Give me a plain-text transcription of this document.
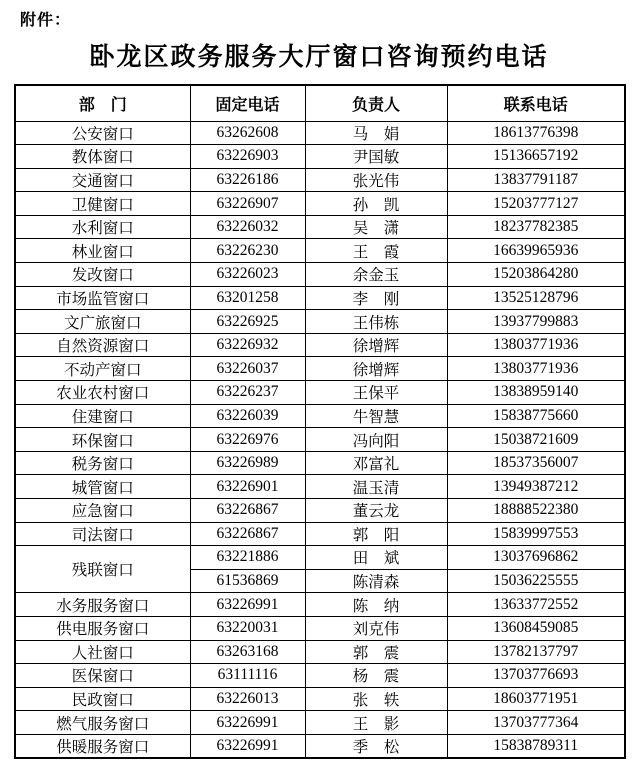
附件：
卧龙区政务服务大厅窗口咨询预约电话
部　门	固定电话	负责人	联系电话
公安窗口	63262608	马　娟	18613776398
教体窗口	63226903	尹国敏	15136657192
交通窗口	63226186	张光伟	13837791187
卫健窗口	63226907	孙　凯	15203777127
水利窗口	63226032	吴　潇	18237782385
林业窗口	63226230	王　霞	16639965936
发改窗口	63226023	余金玉	15203864280
市场监管窗口	63201258	李　刚	13525128796
文广旅窗口	63226925	王伟栋	13937799883
自然资源窗口	63226932	徐增辉	13803771936
不动产窗口	63226037	徐增辉	13803771936
农业农村窗口	63226237	王保平	13838959140
住建窗口	63226039	牛智慧	15838775660
环保窗口	63226976	冯向阳	15038721609
税务窗口	63226989	邓富礼	18537356007
城管窗口	63226901	温玉清	13949387212
应急窗口	63226867	董云龙	18888522380
司法窗口	63226867	郭　阳	15839997553
残联窗口	63221886	田　斌	13037696862
	61536869	陈清森	15036225555
水务服务窗口	63226991	陈　纳	13633772552
供电服务窗口	63220031	刘克伟	13608459085
人社窗口	63263168	郭　震	13782137797
医保窗口	63111116	杨　震	13703776693
民政窗口	63226013	张　轶	18603771951
燃气服务窗口	63226991	王　影	13703777364
供暖服务窗口	63226991	季　松	15838789311
